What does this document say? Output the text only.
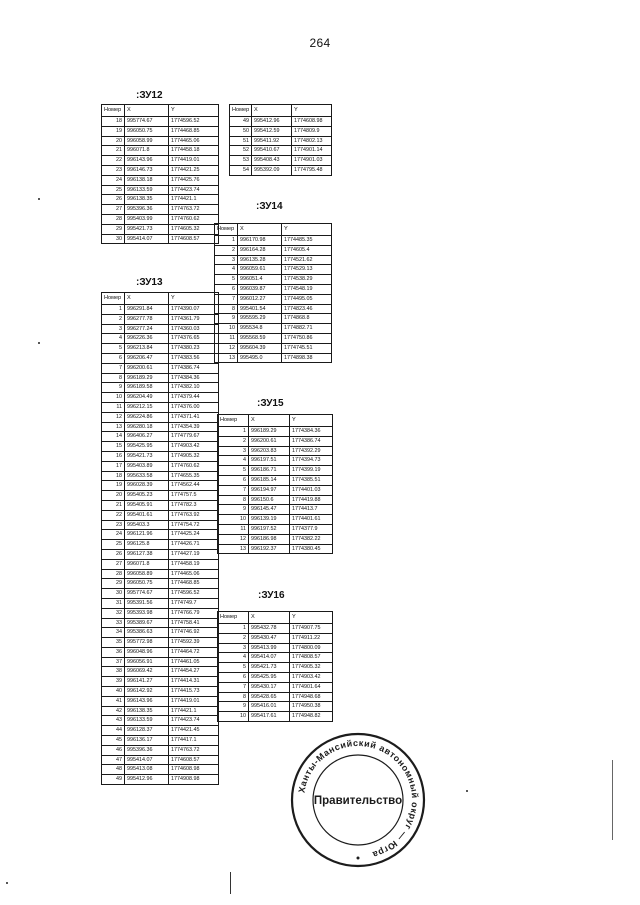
264
:ЗУ12
Номер	X	Y
18	995774.67	1774596.52
19	996050.75	1774468.85
20	996058.99	1774465.06
21	996071.8	1774458.18
22	996143.96	1774419.01
23	996146.73	1774421.25
24	996138.18	1774425.76
25	996133.59	1774423.74
26	996138.35	1774421.1
27	995396.36	1774763.72
28	995403.99	1774760.62
29	995421.73	1774605.32
30	995414.07	1774608.57
Номер	X	Y
49	995412.96	1774608.98
50	995412.59	1774809.9
51	995411.92	1774802.13
52	995410.67	1774901.14
53	995408.43	1774901.03
54	995392.09	1774795.48
:ЗУ13
Номер	X	Y
1	996291.84	1774390.07
2	996277.78	1774361.79
3	996277.24	1774360.03
4	996226.36	1774376.65
5	996213.84	1774380.23
6	996206.47	1774383.56
7	996200.61	1774386.74
8	996189.29	1774384.36
9	996189.58	1774382.10
10	996204.49	1774379.44
11	996212.15	1774376.00
12	996224.86	1774371.41
13	996280.18	1774354.39
14	996406.27	1774779.67
15	995425.95	1774903.42
16	995421.73	1774905.32
17	995403.89	1774760.62
18	995633.58	1774655.35
19	996028.39	1774562.44
20	995405.23	1774757.5
21	995405.91	1774782.3
22	995401.61	1774763.92
23	995403.3	1774754.72
24	996121.96	1774425.24
25	996125.8	1774426.71
26	996127.38	1774427.19
27	996071.8	1774458.19
28	996058.89	1774465.06
29	996050.75	1774468.85
30	995774.67	1774596.52
31	995391.56	1774749.7
32	995393.98	1774766.79
33	995389.67	1774758.41
34	995386.63	1774746.92
35	995772.98	1774592.39
36	996048.96	1774464.72
37	996056.91	1774461.05
38	996069.42	1774454.27
39	996141.27	1774414.31
40	996142.92	1774415.73
41	996143.96	1774419.01
42	996138.35	1774421.1
43	996133.59	1774423.74
44	996128.37	1774421.45
45	996136.17	1774417.1
46	995396.36	1774763.72
47	995414.07	1774608.57
48	995413.08	1774608.98
49	995412.96	1774908.98
:ЗУ14
Номер	X	Y
1	996170.98	1774485.35
2	996164.28	1774605.4
3	996135.28	1774521.62
4	996059.61	1774529.13
5	996051.4	1774538.29
6	996039.87	1774548.19
7	996012.27	1774495.05
8	995401.54	1774823.46
9	995595.29	1774868.8
10	995534.8	1774882.71
11	995568.59	1774750.86
12	995604.39	1774745.51
13	995495.0	1774898.38
:ЗУ15
Номер	X	Y
1	996189.29	1774384.36
2	996200.61	1774386.74
3	996203.83	1774392.29
4	996197.51	1774394.73
5	996186.71	1774399.19
6	996185.14	1774385.51
7	996194.97	1774401.03
8	996150.6	1774419.88
9	996145.47	1774413.7
10	996139.19	1774401.61
11	996197.52	1774377.9
12	996186.98	1774382.22
13	996192.37	1774380.45
:ЗУ16
Номер	X	Y
1	995432.78	1774907.75
2	995430.47	1774911.22
3	995413.99	1774800.09
4	995414.07	1774808.57
5	995421.73	1774905.32
6	995425.95	1774903.42
7	995430.17	1774901.64
8	995428.65	1774948.68
9	995416.01	1774950.38
10	995417.61	1774948.82
Ханты-Мансийский автономный округ — Югра
Правительство
